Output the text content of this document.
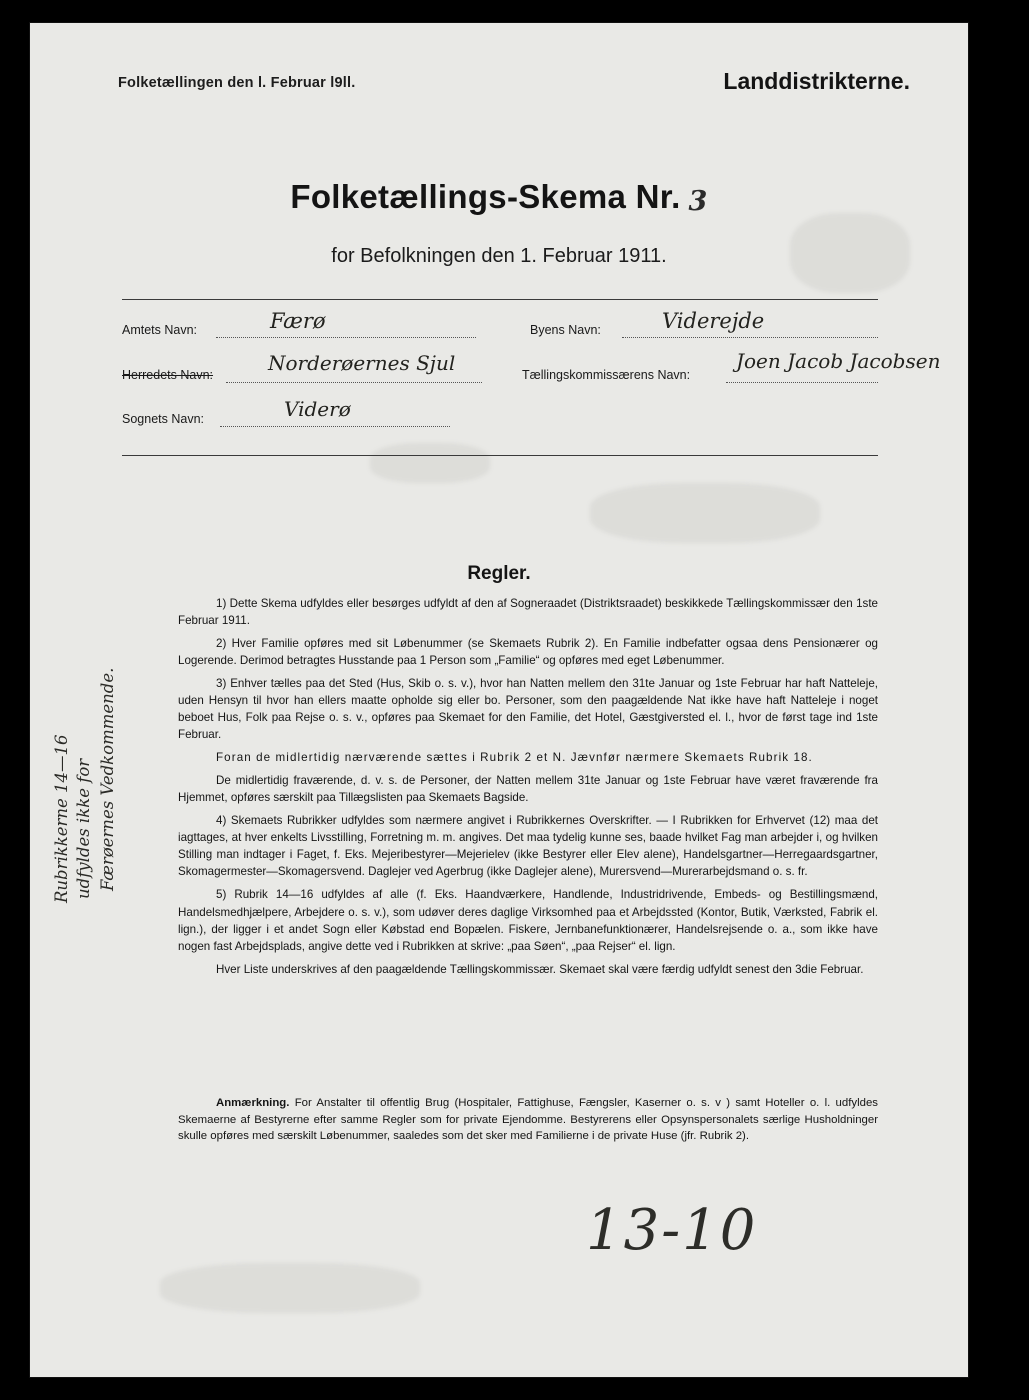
Folketællingen den l. Februar l9ll.	Landdistrikterne.
Folketællings-Skema Nr. 3
for Befolkningen den 1. Februar 1911.
Amtets Navn:	Færø
Herredets Navn:	Norderøernes Sjul
Sognets Navn:	Viderø
Byens Navn:	Viderejde
Tællingskommissærens Navn:
Joen Jacob Jacobsen
Regler.

1) Dette Skema udfyldes eller besørges udfyldt af den af Sogneraadet (Distriktsraadet) beskikkede Tællingskommissær den 1ste Februar 1911.

2) Hver Familie opføres med sit Løbenummer (se Skemaets Rubrik 2). En Familie indbefatter ogsaa dens Pensionærer og Logerende. Derimod betragtes Husstande paa 1 Person som „Familie“ og opføres med eget Løbenummer.

3) Enhver tælles paa det Sted (Hus, Skib o. s. v.), hvor han Natten mellem den 31te Januar og 1ste Februar har haft Natteleje, uden Hensyn til hvor han ellers maatte opholde sig eller bo. Personer, som den paagældende Nat ikke have haft Natteleje i noget beboet Hus, Folk paa Rejse o. s. v., opføres paa Skemaet for den Familie, det Hotel, Gæstgiversted el. l., hvor de først tage ind 1ste Februar.

Foran de midlertidig nærværende sættes i Rubrik 2 et N. Jævnfør nærmere Skemaets Rubrik 18.

De midlertidig fraværende, d. v. s. de Personer, der Natten mellem 31te Januar og 1ste Februar have været fraværende fra Hjemmet, opføres særskilt paa Tillægslisten paa Skemaets Bagside.

4) Skemaets Rubrikker udfyldes som nærmere angivet i Rubrikkernes Overskrifter. — I Rubrikken for Erhvervet (12) maa det iagttages, at hver enkelts Livsstilling, Forretning m. m. angives. Det maa tydelig kunne ses, baade hvilket Fag man arbejder i, og hvilken Stilling man indtager i Faget, f. Eks. Mejeribestyrer—Mejerielev (ikke Bestyrer eller Elev alene), Handelsgartner—Herregaardsgartner, Skomagermester—Skomagersvend. Daglejer ved Agerbrug (ikke Daglejer alene), Murersvend—Murerarbejdsmand o. s. fr.

5) Rubrik 14—16 udfyldes af alle (f. Eks. Haandværkere, Handlende, Industridrivende, Embeds- og Bestillingsmænd, Handelsmedhjælpere, Arbejdere o. s. v.), som udøver deres daglige Virksomhed paa et Arbejdssted (Kontor, Butik, Værksted, Fabrik el. lign.), der ligger i et andet Sogn eller Købstad end Bopælen. Fiskere, Jernbanefunktionærer, Handelsrejsende o. a., som ikke have nogen fast Arbejdsplads, angive dette ved i Rubrikken at skrive: „paa Søen“, „paa Rejser“ el. lign.

Hver Liste underskrives af den paagældende Tællingskommissær. Skemaet skal være færdig udfyldt senest den 3die Februar.

Anmærkning. For Anstalter til offentlig Brug (Hospitaler, Fattighuse, Fængsler, Kaserner o. s. v ) samt Hoteller o. l. udfyldes Skemaerne af Bestyrerne efter samme Regler som for private Ejendomme. Bestyrerens eller Opsynspersonalets særlige Husholdninger skulle opføres med særskilt Løbenummer, saaledes som det sker med Familierne i de private Huse (jfr. Rubrik 2).
Rubrikkerne 14—16 udfyldes ikke for Færøernes Vedkommende.
13-10
